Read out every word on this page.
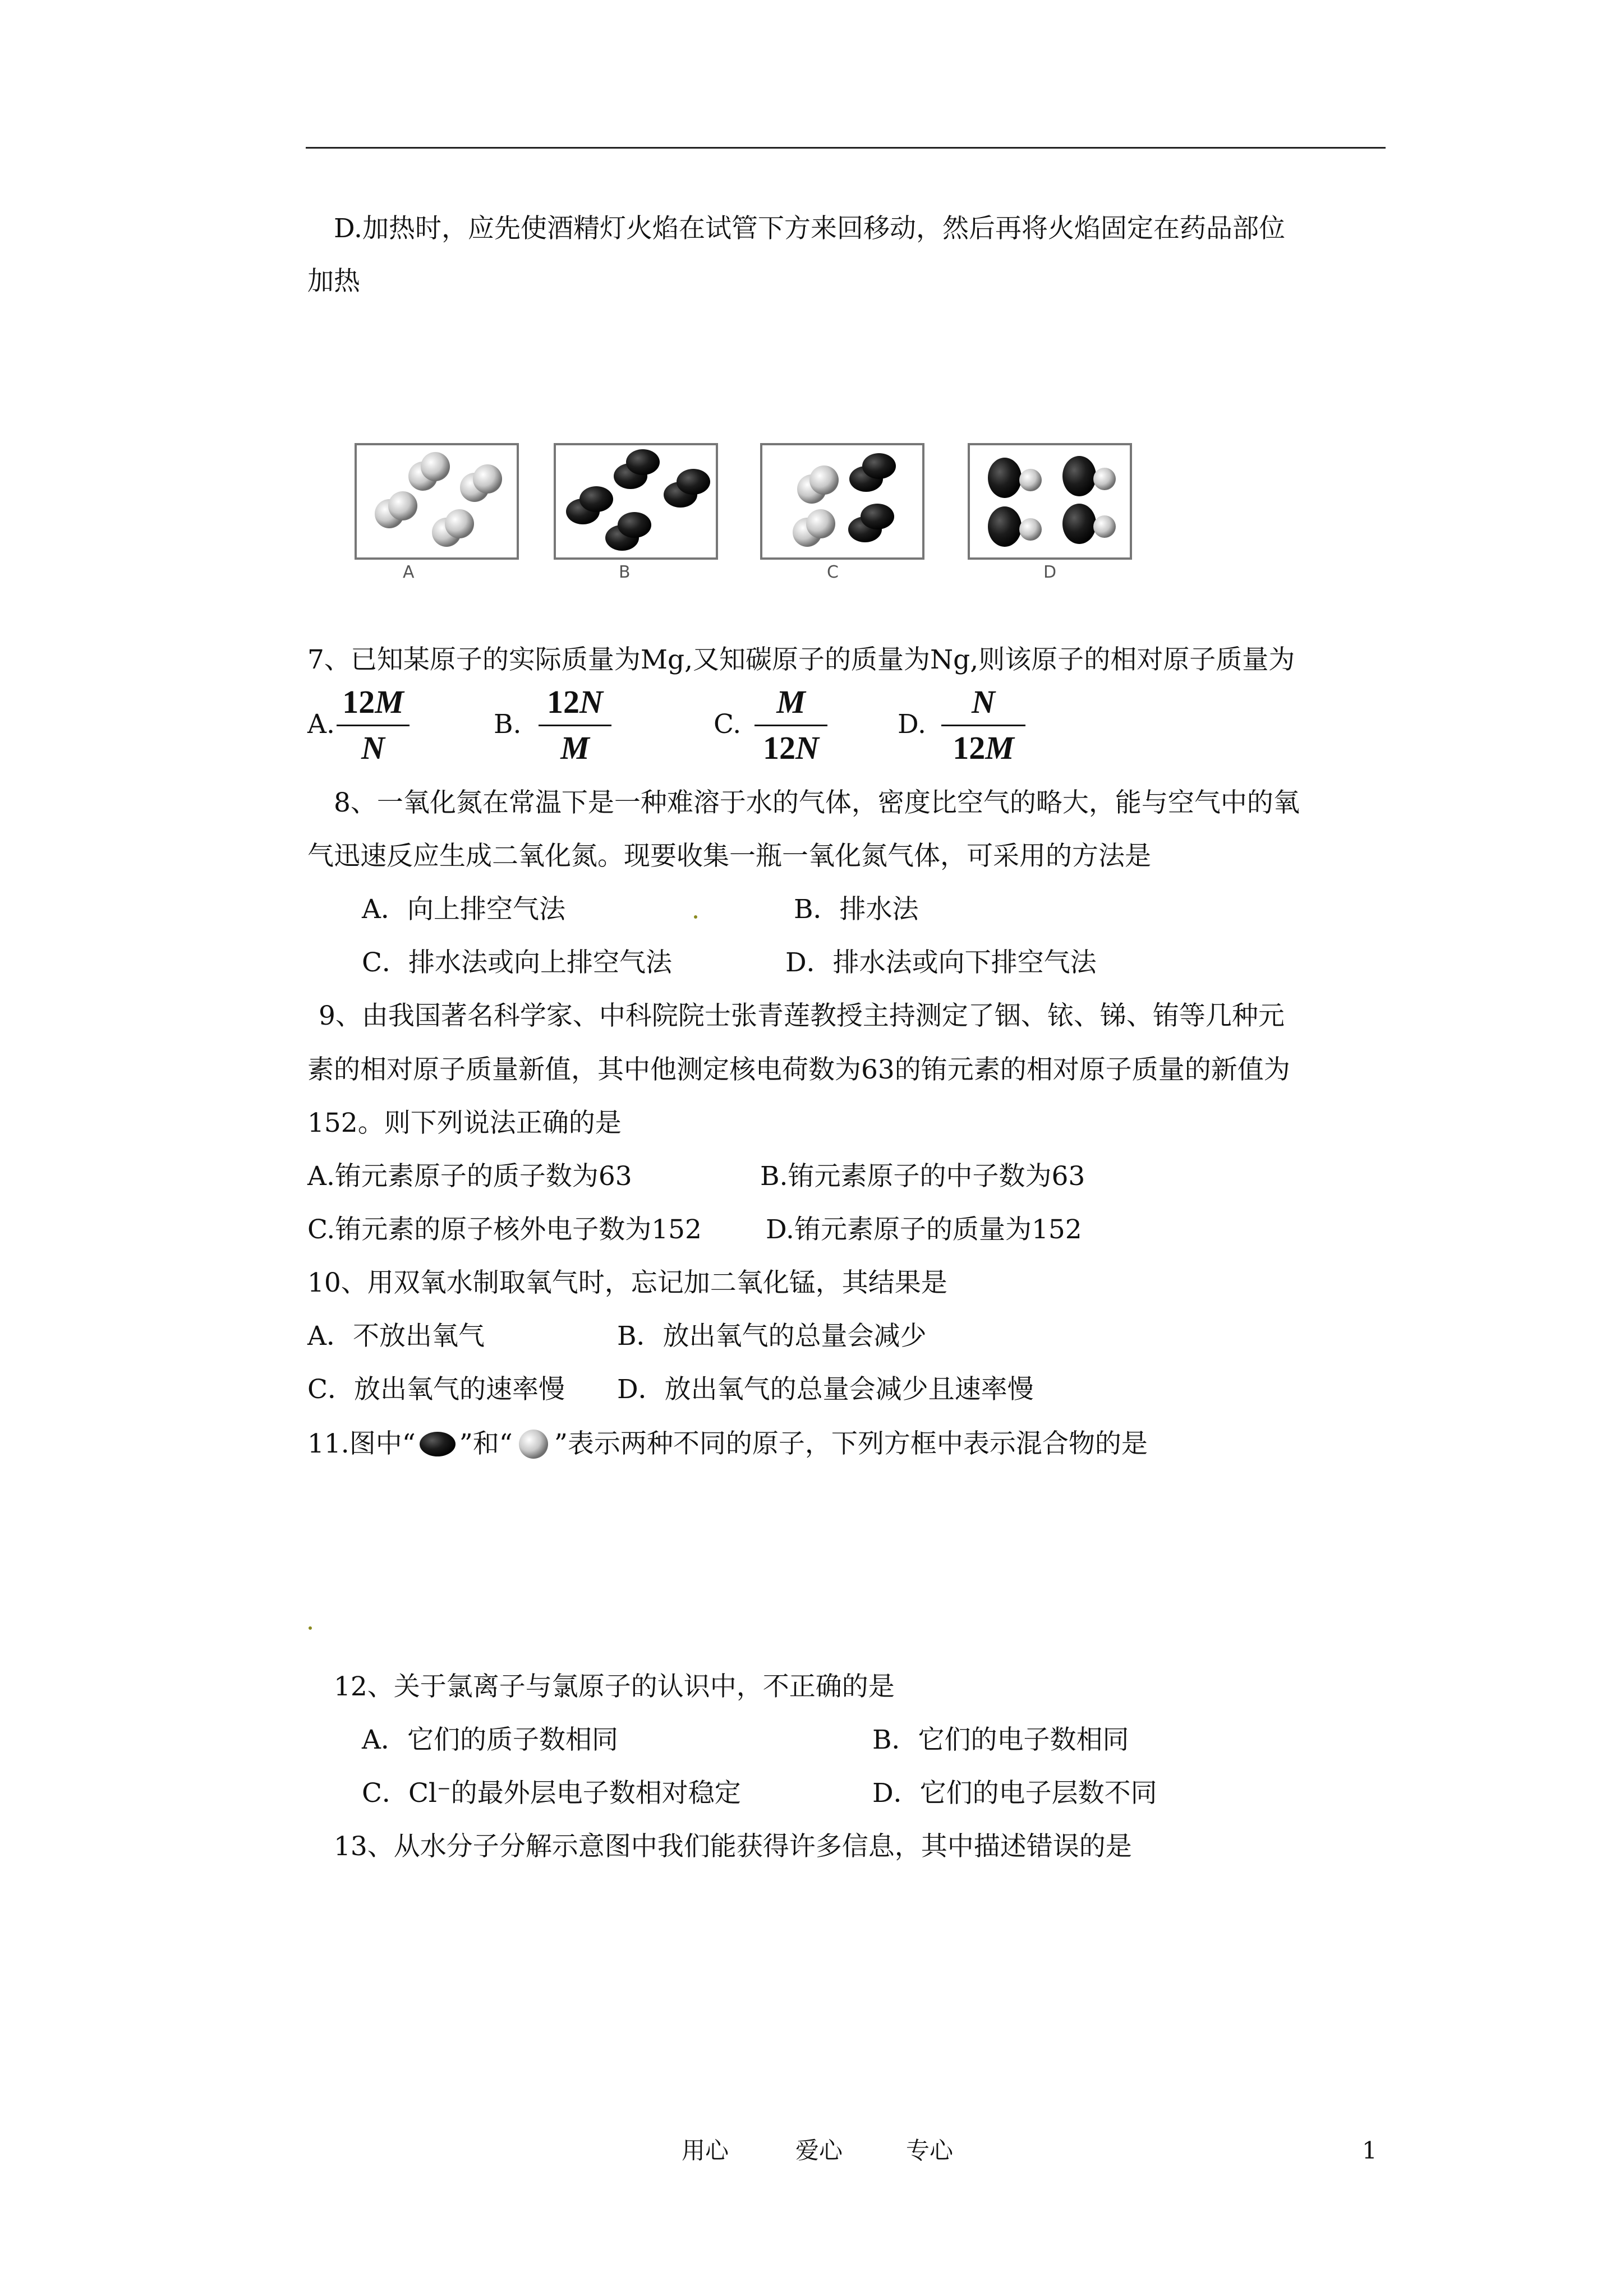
D.加热时，应先使酒精灯火焰在试管下方来回移动，然后再将火焰固定在药品部位
加热
A	B	C	D
7、已知某原子的实际质量为Mg,又知碳原子的质量为Ng,则该原子的相对原子质量为
A.
12M
N
B.
12N
M
C.
M
12N
D.
N
12M
8、一氧化氮在常温下是一种难溶于水的气体，密度比空气的略大，能与空气中的氧
气迅速反应生成二氧化氮。现要收集一瓶一氧化氮气体，可采用的方法是
A．向上排空气法	B．排水法
C．排水法或向上排空气法	D．排水法或向下排空气法
9、由我国著名科学家、中科院院士张青莲教授主持测定了铟、铱、锑、铕等几种元
素的相对原子质量新值，其中他测定核电荷数为63的铕元素的相对原子质量的新值为
152。则下列说法正确的是
A.铕元素原子的质子数为63	B.铕元素原子的中子数为63
C.铕元素的原子核外电子数为152 D.铕元素原子的质量为152
10、用双氧水制取氧气时，忘记加二氧化锰，其结果是
A．不放出氧气	B．放出氧气的总量会减少
C．放出氧气的速率慢 D．放出氧气的总量会减少且速率慢
11.图中“ ”和“ ”表示两种不同的原子，下列方框中表示混合物的是
12、关于氯离子与氯原子的认识中，不正确的是
A．它们的质子数相同	B．它们的电子数相同
C．Cl⁻的最外层电子数相对稳定	D．它们的电子层数不同
13、从水分子分解示意图中我们能获得许多信息，其中描述错误的是
用心	爱心	专心	1
